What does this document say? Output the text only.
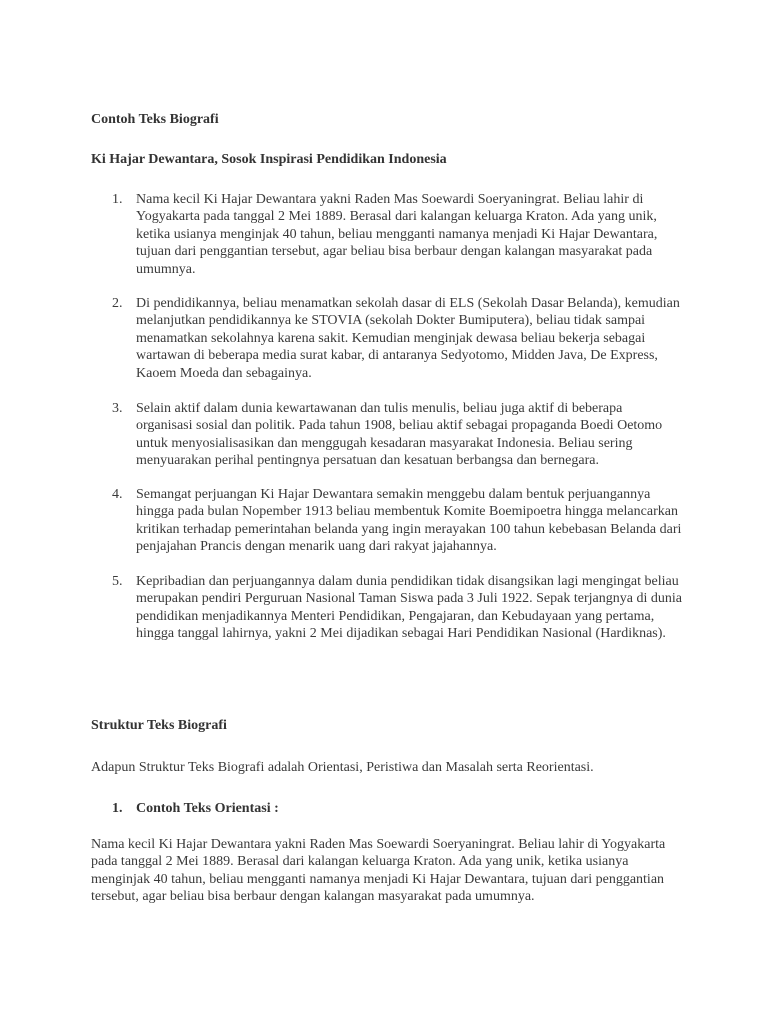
Contoh Teks Biografi
Ki Hajar Dewantara, Sosok Inspirasi Pendidikan Indonesia
1. Nama kecil Ki Hajar Dewantara yakni Raden Mas Soewardi Soeryaningrat. Beliau lahir di Yogyakarta pada tanggal 2 Mei 1889. Berasal dari kalangan keluarga Kraton. Ada yang unik, ketika usianya menginjak 40 tahun, beliau mengganti namanya menjadi Ki Hajar Dewantara, tujuan dari penggantian tersebut, agar beliau bisa berbaur dengan kalangan masyarakat pada umumnya.
2. Di pendidikannya, beliau menamatkan sekolah dasar di ELS (Sekolah Dasar Belanda), kemudian melanjutkan pendidikannya ke STOVIA (sekolah Dokter Bumiputera), beliau tidak sampai menamatkan sekolahnya karena sakit. Kemudian menginjak dewasa beliau bekerja sebagai wartawan di beberapa media surat kabar, di antaranya Sedyotomo, Midden Java, De Express, Kaoem Moeda dan sebagainya.
3. Selain aktif dalam dunia kewartawanan dan tulis menulis, beliau juga aktif di beberapa organisasi sosial dan politik. Pada tahun 1908, beliau aktif sebagai propaganda Boedi Oetomo untuk menyosialisasikan dan menggugah kesadaran masyarakat Indonesia. Beliau sering menyuarakan perihal pentingnya persatuan dan kesatuan berbangsa dan bernegara.
4. Semangat perjuangan Ki Hajar Dewantara semakin menggebu dalam bentuk perjuangannya hingga pada bulan Nopember 1913 beliau membentuk Komite Boemipoetra hingga melancarkan kritikan terhadap pemerintahan belanda yang ingin merayakan 100 tahun kebebasan Belanda dari penjajahan Prancis dengan menarik uang dari rakyat jajahannya.
5. Kepribadian dan perjuangannya dalam dunia pendidikan tidak disangsikan lagi mengingat beliau merupakan pendiri Perguruan Nasional Taman Siswa pada 3 Juli 1922. Sepak terjangnya di dunia pendidikan menjadikannya Menteri Pendidikan, Pengajaran, dan Kebudayaan yang pertama, hingga tanggal lahirnya, yakni 2 Mei dijadikan sebagai Hari Pendidikan Nasional (Hardiknas).
Struktur Teks Biografi

Adapun Struktur Teks Biografi adalah Orientasi, Peristiwa dan Masalah serta Reorientasi.

1. Contoh Teks Orientasi :

Nama kecil Ki Hajar Dewantara yakni Raden Mas Soewardi Soeryaningrat. Beliau lahir di Yogyakarta pada tanggal 2 Mei 1889. Berasal dari kalangan keluarga Kraton. Ada yang unik, ketika usianya menginjak 40 tahun, beliau mengganti namanya menjadi Ki Hajar Dewantara, tujuan dari penggantian tersebut, agar beliau bisa berbaur dengan kalangan masyarakat pada umumnya.
